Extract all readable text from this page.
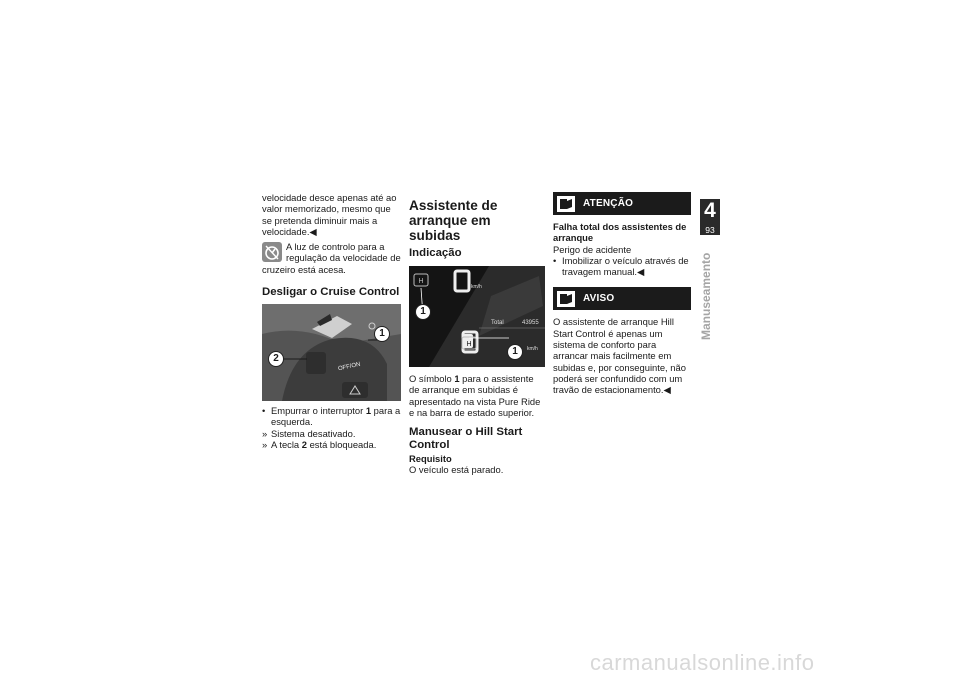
velocidade desce apenas até ao valor memorizado, mesmo que se pretenda diminuir mais a velocidade.◀

A luz de controlo para a regulação da velocidade de cruzeiro está acesa.

Desligar o Cruise Control
OFF/ON
1
2
• Empurrar o interruptor 1 para a esquerda.
» Sistema desativado.
» A tecla 2 está bloqueada.
Assistente de arranque em subidas
Indicação
H
H
km/h
km/h
Total	43955
1
1

O símbolo 1 para o assistente de arranque em subidas é apresentado na vista Pure Ride e na barra de estado superior.

Manusear o Hill Start Control
Requisito

O veículo está parado.

ATENÇÃO
Falha total dos assistentes de arranque

Perigo de acidente

• Imobilizar o veículo através de travagem manual.◀
AVISO

O assistente de arranque Hill Start Control é apenas um sistema de conforto para arrancar mais facilmente em subidas e, por conseguinte, não poderá ser confundido com um travão de estacionamento.◀

4
93
Manuseamento
carmanualsonline.info
